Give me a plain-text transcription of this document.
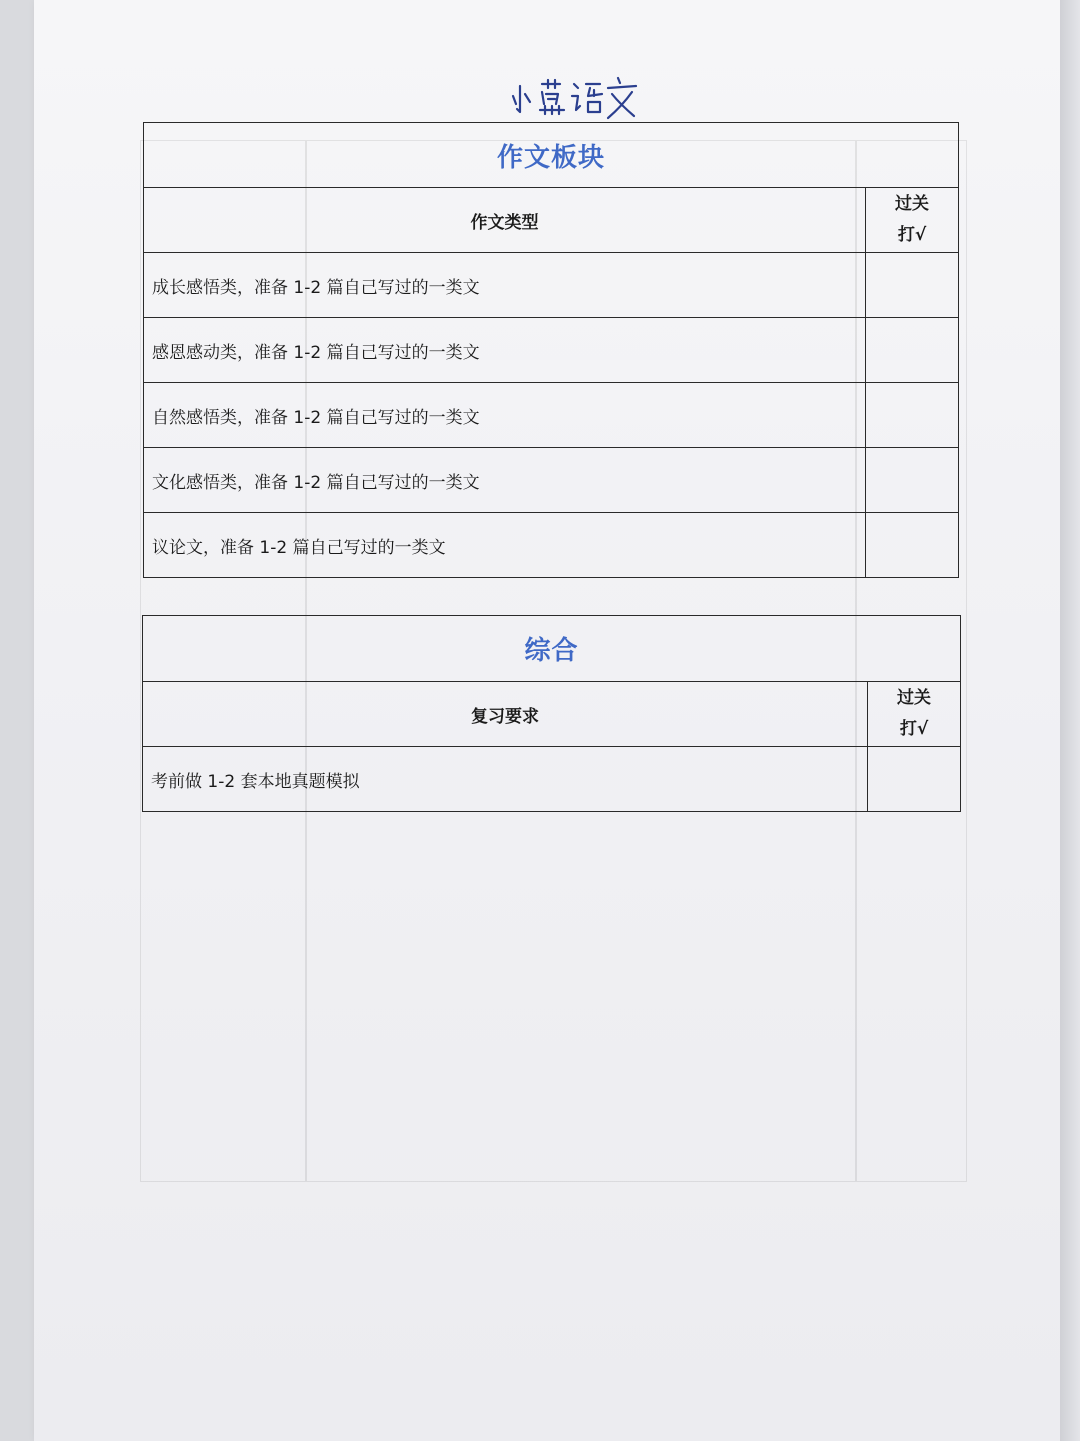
作文板块	
作文类型	过关
打√

成长感悟类，准备 1-2 篇自己写过的一类文	
感恩感动类，准备 1-2 篇自己写过的一类文	
自然感悟类，准备 1-2 篇自己写过的一类文	
文化感悟类，准备 1-2 篇自己写过的一类文	
议论文，准备 1-2 篇自己写过的一类文	
综合	
复习要求	过关
打√

考前做 1-2 套本地真题模拟	
